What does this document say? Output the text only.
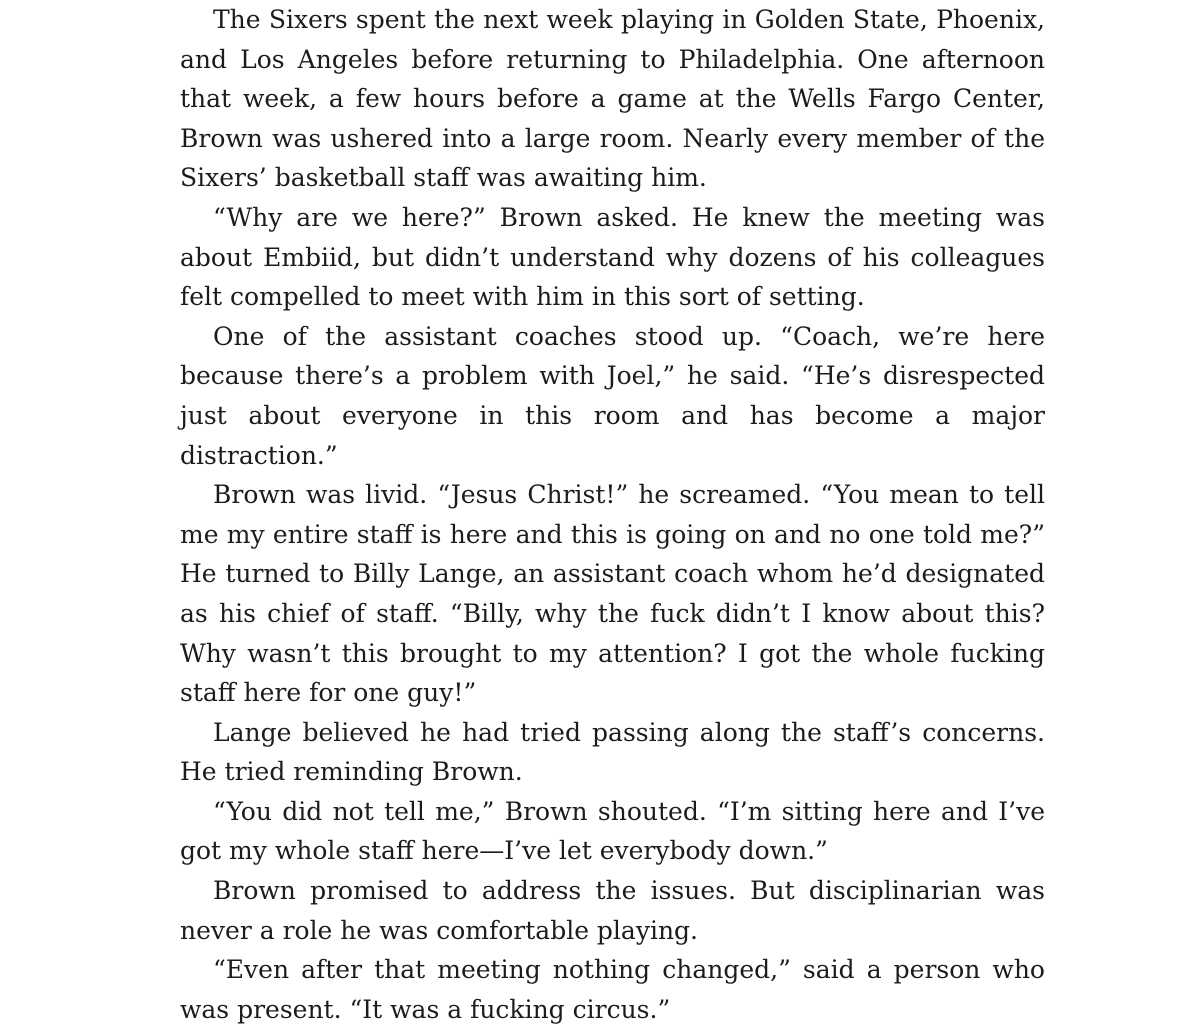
The Sixers spent the next week playing in Golden State, Phoenix, and Los Angeles before returning to Philadelphia. One afternoon that week, a few hours before a game at the Wells Fargo Center, Brown was ushered into a large room. Nearly every member of the Sixers’ basketball staff was awaiting him.

“Why are we here?” Brown asked. He knew the meeting was about Embiid, but didn’t understand why dozens of his colleagues felt compelled to meet with him in this sort of setting.

One of the assistant coaches stood up. “Coach, we’re here because there’s a problem with Joel,” he said. “He’s disrespected just about everyone in this room and has become a major distraction.”

Brown was livid. “Jesus Christ!” he screamed. “You mean to tell me my entire staff is here and this is going on and no one told me?” He turned to Billy Lange, an assistant coach whom he’d designated as his chief of staff. “Billy, why the fuck didn’t I know about this? Why wasn’t this brought to my attention? I got the whole fucking staff here for one guy!”

Lange believed he had tried passing along the staff’s concerns. He tried reminding Brown.

“You did not tell me,” Brown shouted. “I’m sitting here and I’ve got my whole staff here—I’ve let everybody down.”

Brown promised to address the issues. But disciplinarian was never a role he was comfortable playing.

“Even after that meeting nothing changed,” said a person who was present. “It was a fucking circus.”
